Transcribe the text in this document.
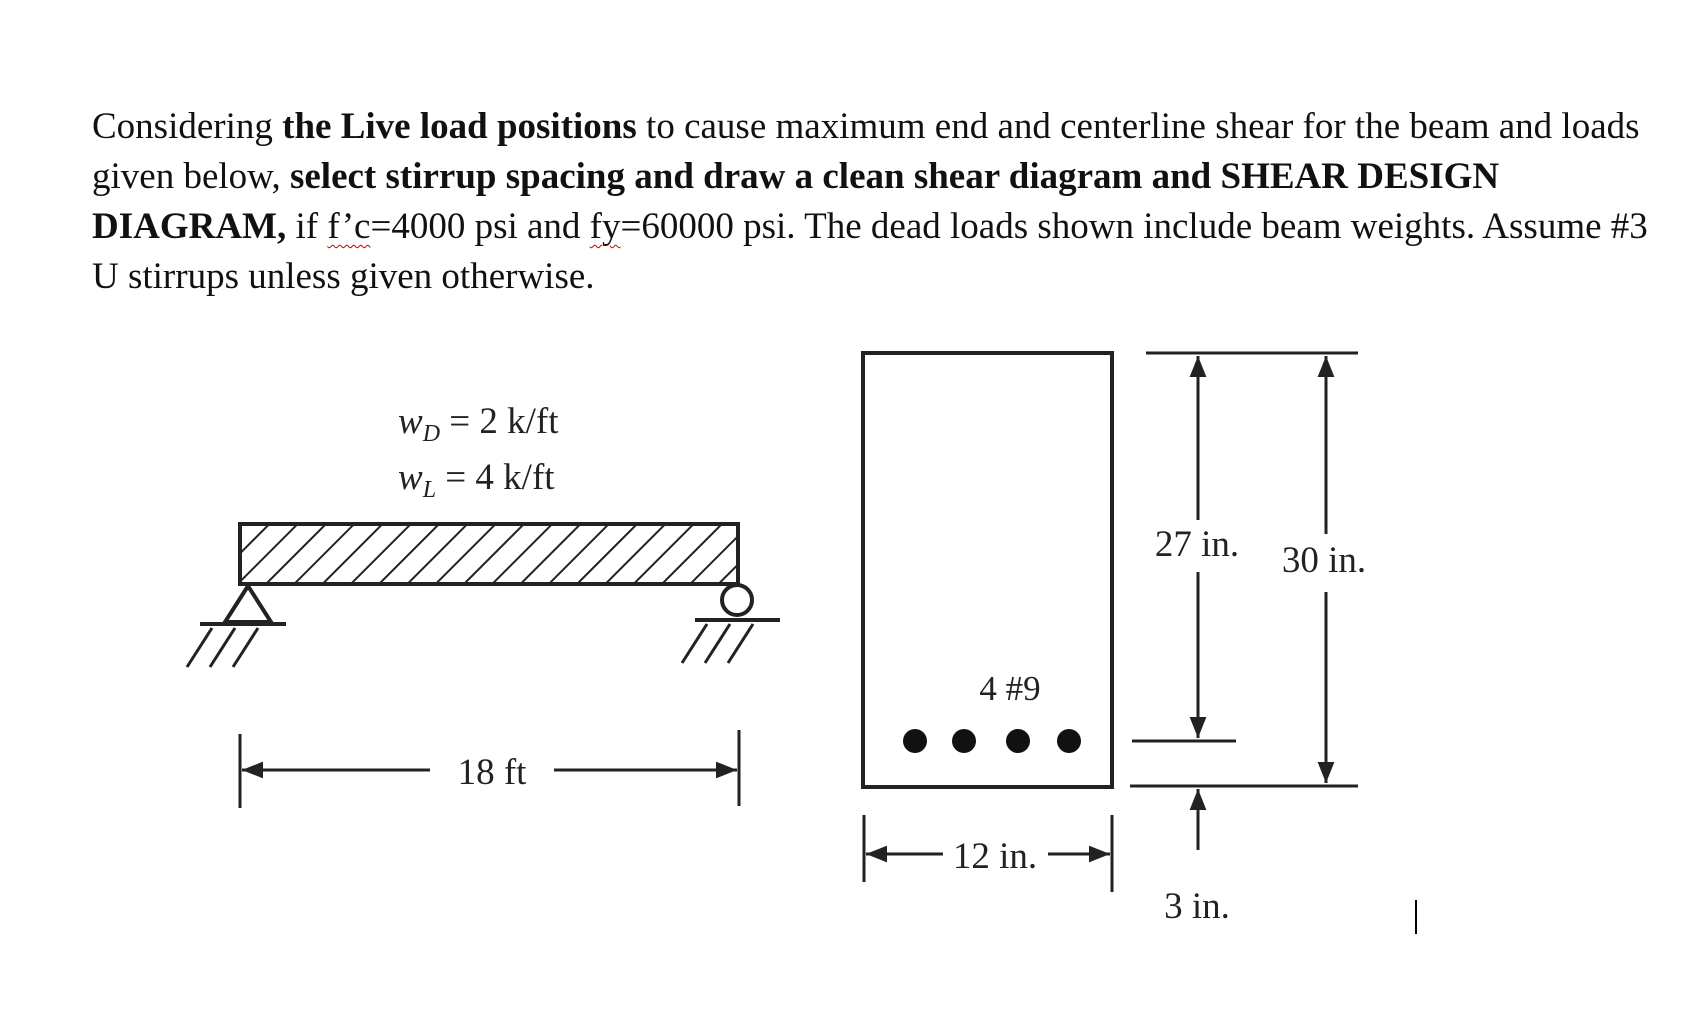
Considering the Live load positions to cause maximum end and centerline shear for the beam and loads given below, select stirrup spacing and draw a clean shear diagram and SHEAR DESIGN DIAGRAM, if f’c=4000 psi and fy=60000 psi. The dead loads shown include beam weights. Assume #3 U stirrups unless given otherwise.

$w_D = 2$ k/ft
$w_L = 4$ k/ft
18 ft
4 #9
12 in.
27 in. 30 in.
3 in.
